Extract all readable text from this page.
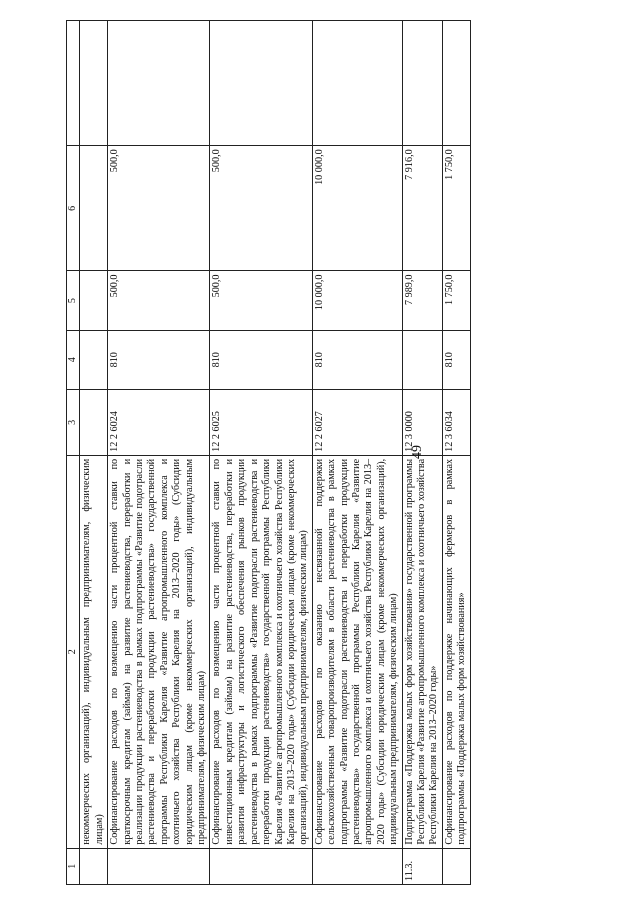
1	2	3	4	5	6	
	некоммерческих организаций), индивидуальным предпринимателям, физическим лицам)					
	Софинансирование расходов по возмещению части процентной ставки по краткосрочным кредитам (займам) на развитие растениеводства, переработки и реализации продукции растениеводства в рамках подпрограммы «Развитие подотрасли растениеводства и переработки продукции растениеводства» государственной программы Республики Карелия «Развитие агропромышленного комплекса и охотничьего хозяйства Республики Карелия на 2013–2020 годы» (Субсидии юридическим лицам (кроме некоммерческих организаций), индивидуальным предпринимателям, физическим лицам)	12 2 6024	810	500,0	500,0	
	Софинансирование расходов по возмещению части процентной ставки по инвестиционным кредитам (займам) на развитие растениеводства, переработки и развития инфраструктуры и логистического обеспечения рынков продукции растениеводства в рамках подпрограммы «Развитие подотрасли растениеводства и переработки продукции растениеводства» государственной программы Республики Карелия «Развитие агропромышленного комплекса и охотничьего хозяйства Республики Карелия на 2013–2020 годы» (Субсидии юридическим лицам (кроме некоммерческих организаций), индивидуальным предпринимателям, физическим лицам)	12 2 6025	810	500,0	500,0	
	Софинансирование расходов по оказанию несвязанной поддержки сельскохозяйственным товаропроизводителям в области растениеводства в рамках подпрограммы «Развитие подотрасли растениеводства и переработки продукции растениеводства» государственной программы Республики Карелия «Развитие агропромышленного комплекса и охотничьего хозяйства Республики Карелия на 2013–2020 годы» (Субсидии юридическим лицам (кроме некоммерческих организаций), индивидуальным предпринимателям, физическим лицам)	12 2 6027	810	10 000,0	10 000,0	
11.3.	Подпрограмма «Поддержка малых форм хозяйствования» государственной программы Республики Карелия «Развитие агропромышленного комплекса и охотничьего хозяйства Республики Карелия на 2013–2020 годы»	12 3 0000		7 989,0	7 916,0	
	Софинансирование расходов по поддержке начинающих фермеров в рамках подпрограммы «Поддержка малых форм хозяйствования»	12 3 6034	810	1 750,0	1 750,0	
49
